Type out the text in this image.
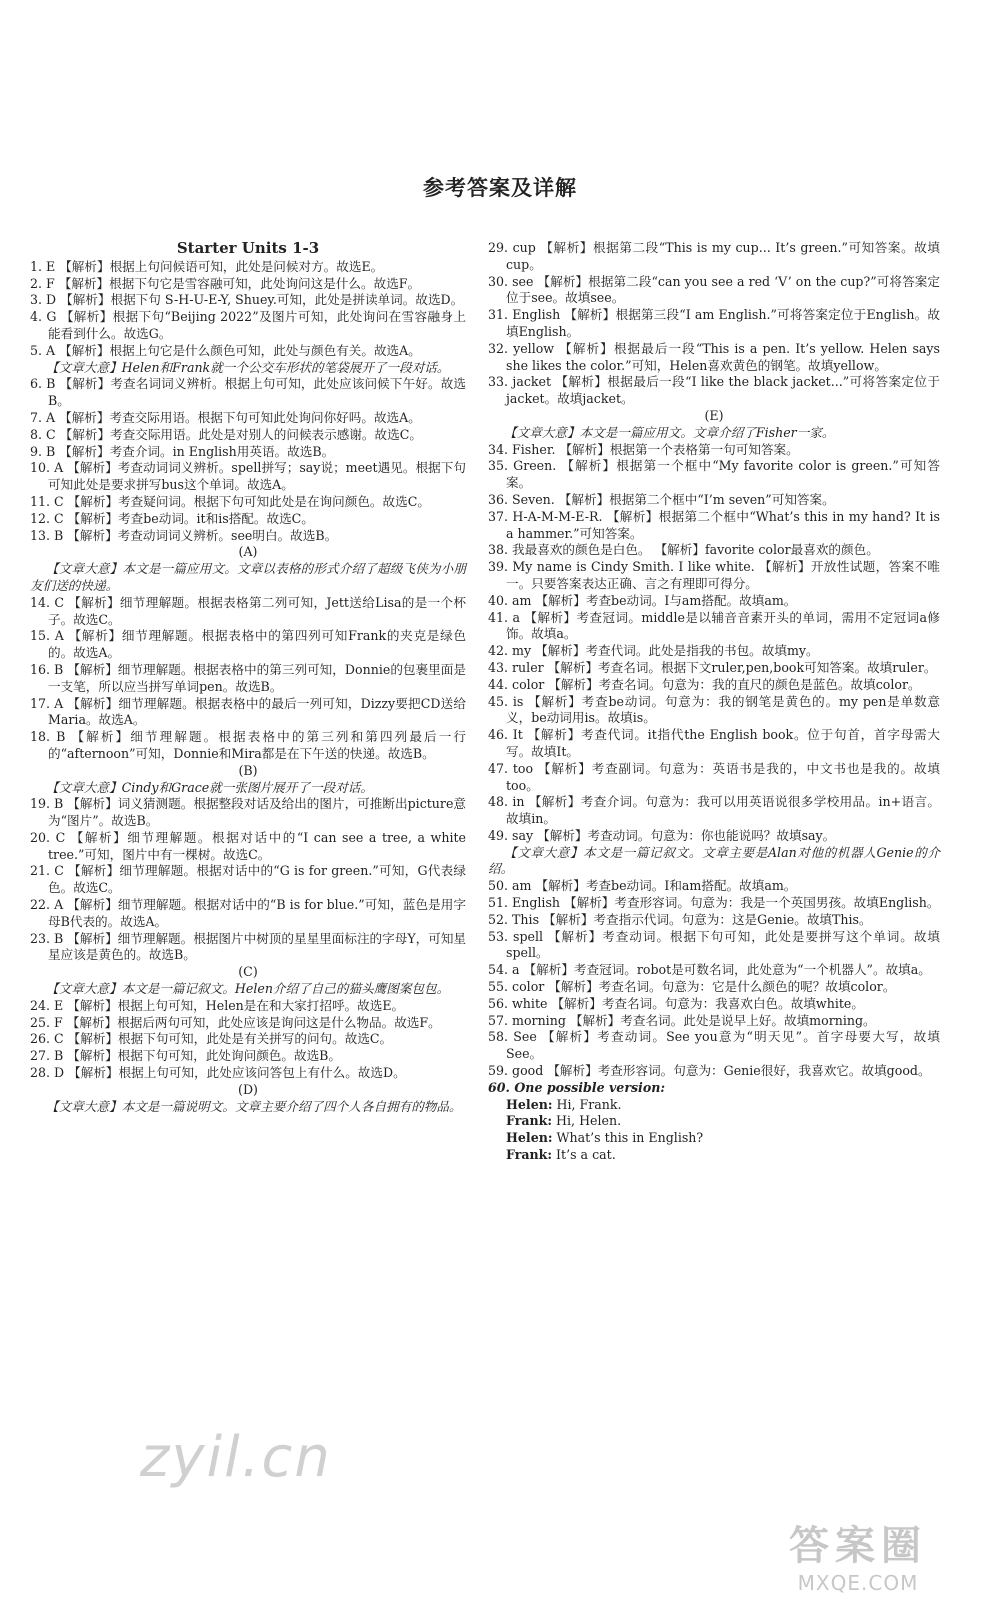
参考答案及详解
Starter Units 1-3
1. E 【解析】根据上句问候语可知，此处是问候对方。故选E。
2. F 【解析】根据下句它是雪容融可知，此处询问这是什么。故选F。
3. D 【解析】根据下句 S-H-U-E-Y, Shuey.可知，此处是拼读单词。故选D。
4. G 【解析】根据下句“Beijing 2022”及图片可知，此处询问在雪容融身上能看到什么。故选G。
5. A 【解析】根据上句它是什么颜色可知，此处与颜色有关。故选A。
【文章大意】Helen和Frank就一个公交车形状的笔袋展开了一段对话。
6. B 【解析】考查名词词义辨析。根据上句可知，此处应该问候下午好。故选B。
7. A 【解析】考查交际用语。根据下句可知此处询问你好吗。故选A。
8. C 【解析】考查交际用语。此处是对别人的问候表示感谢。故选C。
9. B 【解析】考查介词。in English用英语。故选B。
10. A 【解析】考查动词词义辨析。spell拼写；say说；meet遇见。根据下句可知此处是要求拼写bus这个单词。故选A。
11. C 【解析】考查疑问词。根据下句可知此处是在询问颜色。故选C。
12. C 【解析】考查be动词。it和is搭配。故选C。
13. B 【解析】考查动词词义辨析。see明白。故选B。
(A)
【文章大意】本文是一篇应用文。文章以表格的形式介绍了超级飞侠为小朋友们送的快递。
14. C 【解析】细节理解题。根据表格第二列可知，Jett送给Lisa的是一个杯子。故选C。
15. A 【解析】细节理解题。根据表格中的第四列可知Frank的夹克是绿色的。故选A。
16. B 【解析】细节理解题。根据表格中的第三列可知，Donnie的包裹里面是一支笔，所以应当拼写单词pen。故选B。
17. A 【解析】细节理解题。根据表格中的最后一列可知，Dizzy要把CD送给Maria。故选A。
18. B 【解析】细节理解题。根据表格中的第三列和第四列最后一行的“afternoon”可知，Donnie和Mira都是在下午送的快递。故选B。
(B)
【文章大意】Cindy和Grace就一张图片展开了一段对话。
19. B 【解析】词义猜测题。根据整段对话及给出的图片，可推断出picture意为“图片”。故选B。
20. C 【解析】细节理解题。根据对话中的“I can see a tree, a white tree.”可知，图片中有一棵树。故选C。
21. C 【解析】细节理解题。根据对话中的“G is for green.”可知，G代表绿色。故选C。
22. A 【解析】细节理解题。根据对话中的“B is for blue.”可知，蓝色是用字母B代表的。故选A。
23. B 【解析】细节理解题。根据图片中树顶的星星里面标注的字母Y，可知星星应该是黄色的。故选B。
(C)
【文章大意】本文是一篇记叙文。Helen介绍了自己的猫头鹰图案包包。
24. E 【解析】根据上句可知，Helen是在和大家打招呼。故选E。
25. F 【解析】根据后两句可知，此处应该是询问这是什么物品。故选F。
26. C 【解析】根据下句可知，此处是有关拼写的问句。故选C。
27. B 【解析】根据下句可知，此处询问颜色。故选B。
28. D 【解析】根据上句可知，此处应该问答包上有什么。故选D。
(D)
【文章大意】本文是一篇说明文。文章主要介绍了四个人各自拥有的物品。
29. cup 【解析】根据第二段“This is my cup... It’s green.”可知答案。故填cup。
30. see 【解析】根据第二段“can you see a red ‘V’ on the cup?”可将答案定位于see。故填see。
31. English 【解析】根据第三段“I am English.”可将答案定位于English。故填English。
32. yellow 【解析】根据最后一段“This is a pen. It’s yellow. Helen says she likes the color.”可知，Helen喜欢黄色的钢笔。故填yellow。
33. jacket 【解析】根据最后一段“I like the black jacket...”可将答案定位于jacket。故填jacket。
(E)
【文章大意】本文是一篇应用文。文章介绍了Fisher一家。
34. Fisher. 【解析】根据第一个表格第一句可知答案。
35. Green. 【解析】根据第一个框中“My favorite color is green.”可知答案。
36. Seven. 【解析】根据第二个框中“I’m seven”可知答案。
37. H-A-M-M-E-R. 【解析】根据第二个框中“What’s this in my hand? It is a hammer.”可知答案。
38. 我最喜欢的颜色是白色。 【解析】favorite color最喜欢的颜色。
39. My name is Cindy Smith. I like white. 【解析】开放性试题，答案不唯一。只要答案表达正确、言之有理即可得分。
40. am 【解析】考查be动词。I与am搭配。故填am。
41. a 【解析】考查冠词。middle是以辅音音素开头的单词，需用不定冠词a修饰。故填a。
42. my 【解析】考查代词。此处是指我的书包。故填my。
43. ruler 【解析】考查名词。根据下文ruler,pen,book可知答案。故填ruler。
44. color 【解析】考查名词。句意为：我的直尺的颜色是蓝色。故填color。
45. is 【解析】考查be动词。句意为：我的钢笔是黄色的。my pen是单数意义，be动词用is。故填is。
46. It 【解析】考查代词。it指代the English book。位于句首，首字母需大写。故填It。
47. too 【解析】考查副词。句意为：英语书是我的，中文书也是我的。故填too。
48. in 【解析】考查介词。句意为：我可以用英语说很多学校用品。in+语言。故填in。
49. say 【解析】考查动词。句意为：你也能说吗？故填say。
【文章大意】本文是一篇记叙文。文章主要是Alan对他的机器人Genie的介绍。
50. am 【解析】考查be动词。I和am搭配。故填am。
51. English 【解析】考查形容词。句意为：我是一个英国男孩。故填English。
52. This 【解析】考查指示代词。句意为：这是Genie。故填This。
53. spell 【解析】考查动词。根据下句可知，此处是要拼写这个单词。故填spell。
54. a 【解析】考查冠词。robot是可数名词，此处意为“一个机器人”。故填a。
55. color 【解析】考查名词。句意为：它是什么颜色的呢？故填color。
56. white 【解析】考查名词。句意为：我喜欢白色。故填white。
57. morning 【解析】考查名词。此处是说早上好。故填morning。
58. See 【解析】考查动词。See you意为“明天见”。首字母要大写，故填See。
59. good 【解析】考查形容词。句意为：Genie很好，我喜欢它。故填good。
60. One possible version:
Helen: Hi, Frank.
Frank: Hi, Helen.
Helen: What’s this in English?
Frank: It’s a cat.
zyil.cn
答案圈
MXQE.COM
